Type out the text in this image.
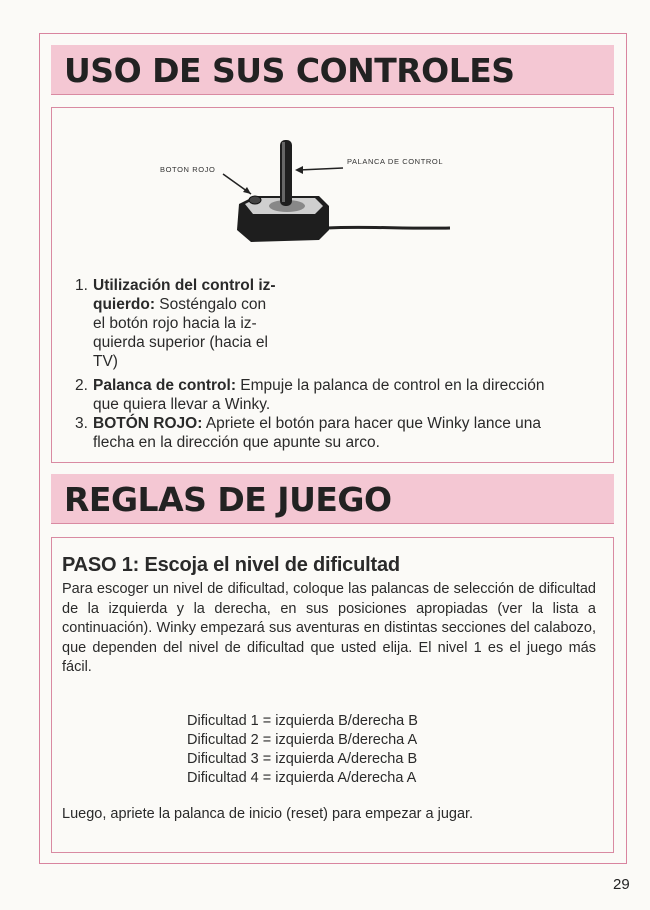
USO DE SUS CONTROLES
BOTON ROJO
PALANCA DE CONTROL
1. Utilización del control iz-
quierdo: Sosténgalo con
el botón rojo hacia la iz-
quierda superior (hacia el
TV)
2. Palanca de control: Empuje la palanca de control en la dirección
que quiera llevar a Winky.
3. BOTÓN ROJO: Apriete el botón para hacer que Winky lance una
flecha en la dirección que apunte su arco.
REGLAS DE JUEGO
PASO 1: Escoja el nivel de dificultad
Para escoger un nivel de dificultad, coloque las palancas de selección de dificultad de la izquierda y la derecha, en sus posiciones apropiadas (ver la lista a continuación). Winky empezará sus aventuras en distintas secciones del calabozo, que dependen del nivel de dificultad que usted elija. El nivel 1 es el juego más fácil.
Dificultad 1 = izquierda B/derecha B
Dificultad 2 = izquierda B/derecha A
Dificultad 3 = izquierda A/derecha B
Dificultad 4 = izquierda A/derecha A
Luego, apriete la palanca de inicio (reset) para empezar a jugar.
29
